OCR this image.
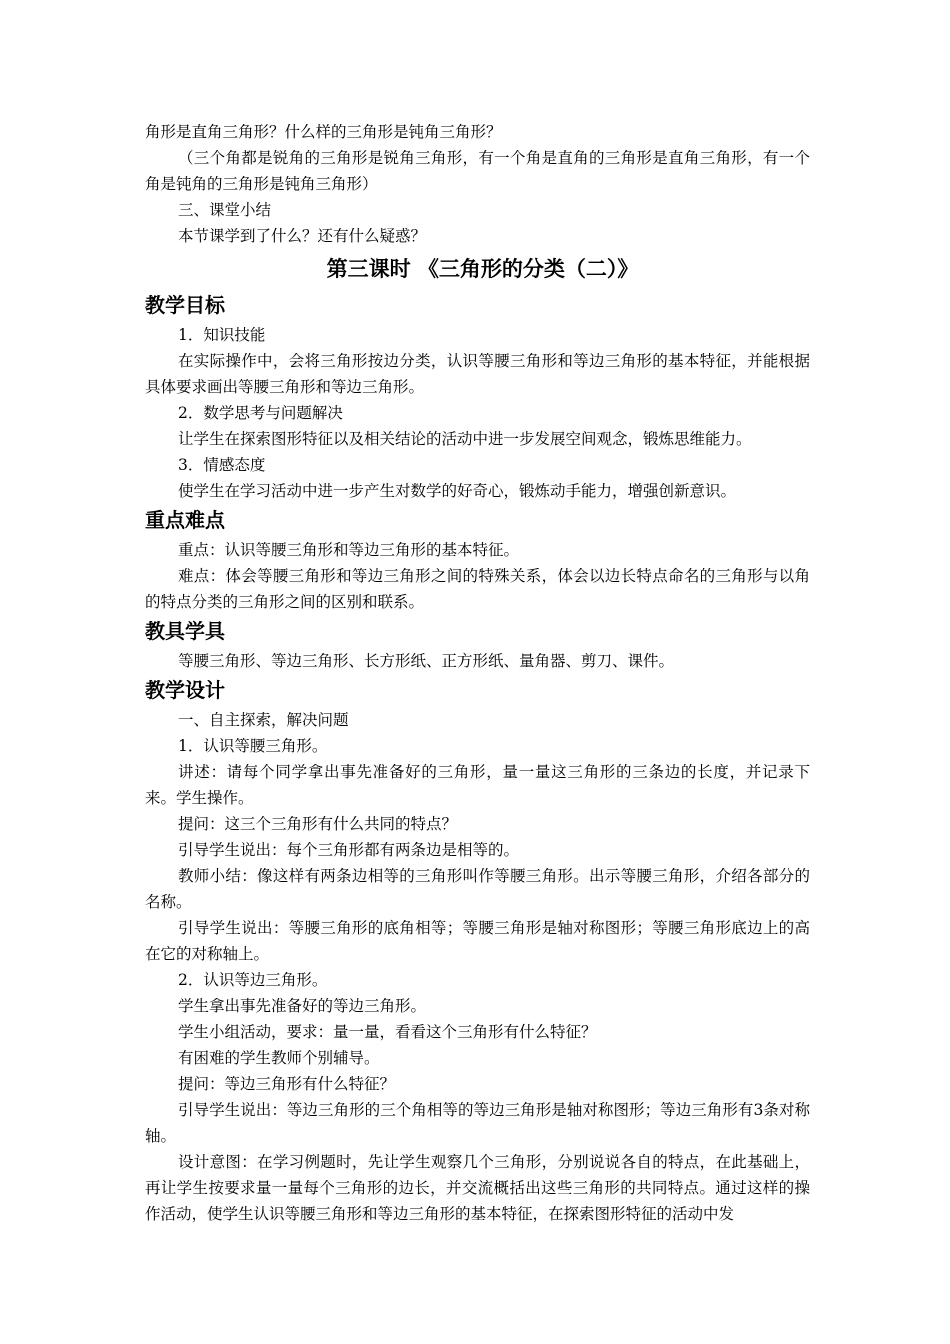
角形是直角三角形？什么样的三角形是钝角三角形？

（三个角都是锐角的三角形是锐角三角形，有一个角是直角的三角形是直角三角形，有一个角是钝角的三角形是钝角三角形）

三、课堂小结

本节课学到了什么？还有什么疑惑？

第三课时 《三角形的分类（二）》
教学目标

1．知识技能

在实际操作中，会将三角形按边分类，认识等腰三角形和等边三角形的基本特征，并能根据具体要求画出等腰三角形和等边三角形。

2．数学思考与问题解决

让学生在探索图形特征以及相关结论的活动中进一步发展空间观念，锻炼思维能力。

3．情感态度

使学生在学习活动中进一步产生对数学的好奇心，锻炼动手能力，增强创新意识。

重点难点

重点：认识等腰三角形和等边三角形的基本特征。

难点：体会等腰三角形和等边三角形之间的特殊关系，体会以边长特点命名的三角形与以角的特点分类的三角形之间的区别和联系。

教具学具

等腰三角形、等边三角形、长方形纸、正方形纸、量角器、剪刀、课件。

教学设计

一、自主探索，解决问题

1．认识等腰三角形。

讲述：请每个同学拿出事先准备好的三角形，量一量这三角形的三条边的长度，并记录下来。学生操作。

提问：这三个三角形有什么共同的特点？

引导学生说出：每个三角形都有两条边是相等的。

教师小结：像这样有两条边相等的三角形叫作等腰三角形。出示等腰三角形，介绍各部分的名称。

引导学生说出：等腰三角形的底角相等；等腰三角形是轴对称图形；等腰三角形底边上的高在它的对称轴上。

2．认识等边三角形。

学生拿出事先准备好的等边三角形。

学生小组活动，要求：量一量，看看这个三角形有什么特征？

有困难的学生教师个别辅导。

提问：等边三角形有什么特征？

引导学生说出：等边三角形的三个角相等的等边三角形是轴对称图形；等边三角形有3条对称轴。

设计意图：在学习例题时，先让学生观察几个三角形，分别说说各自的特点，在此基础上，再让学生按要求量一量每个三角形的边长，并交流概括出这些三角形的共同特点。通过这样的操作活动，使学生认识等腰三角形和等边三角形的基本特征，在探索图形特征的活动中发
